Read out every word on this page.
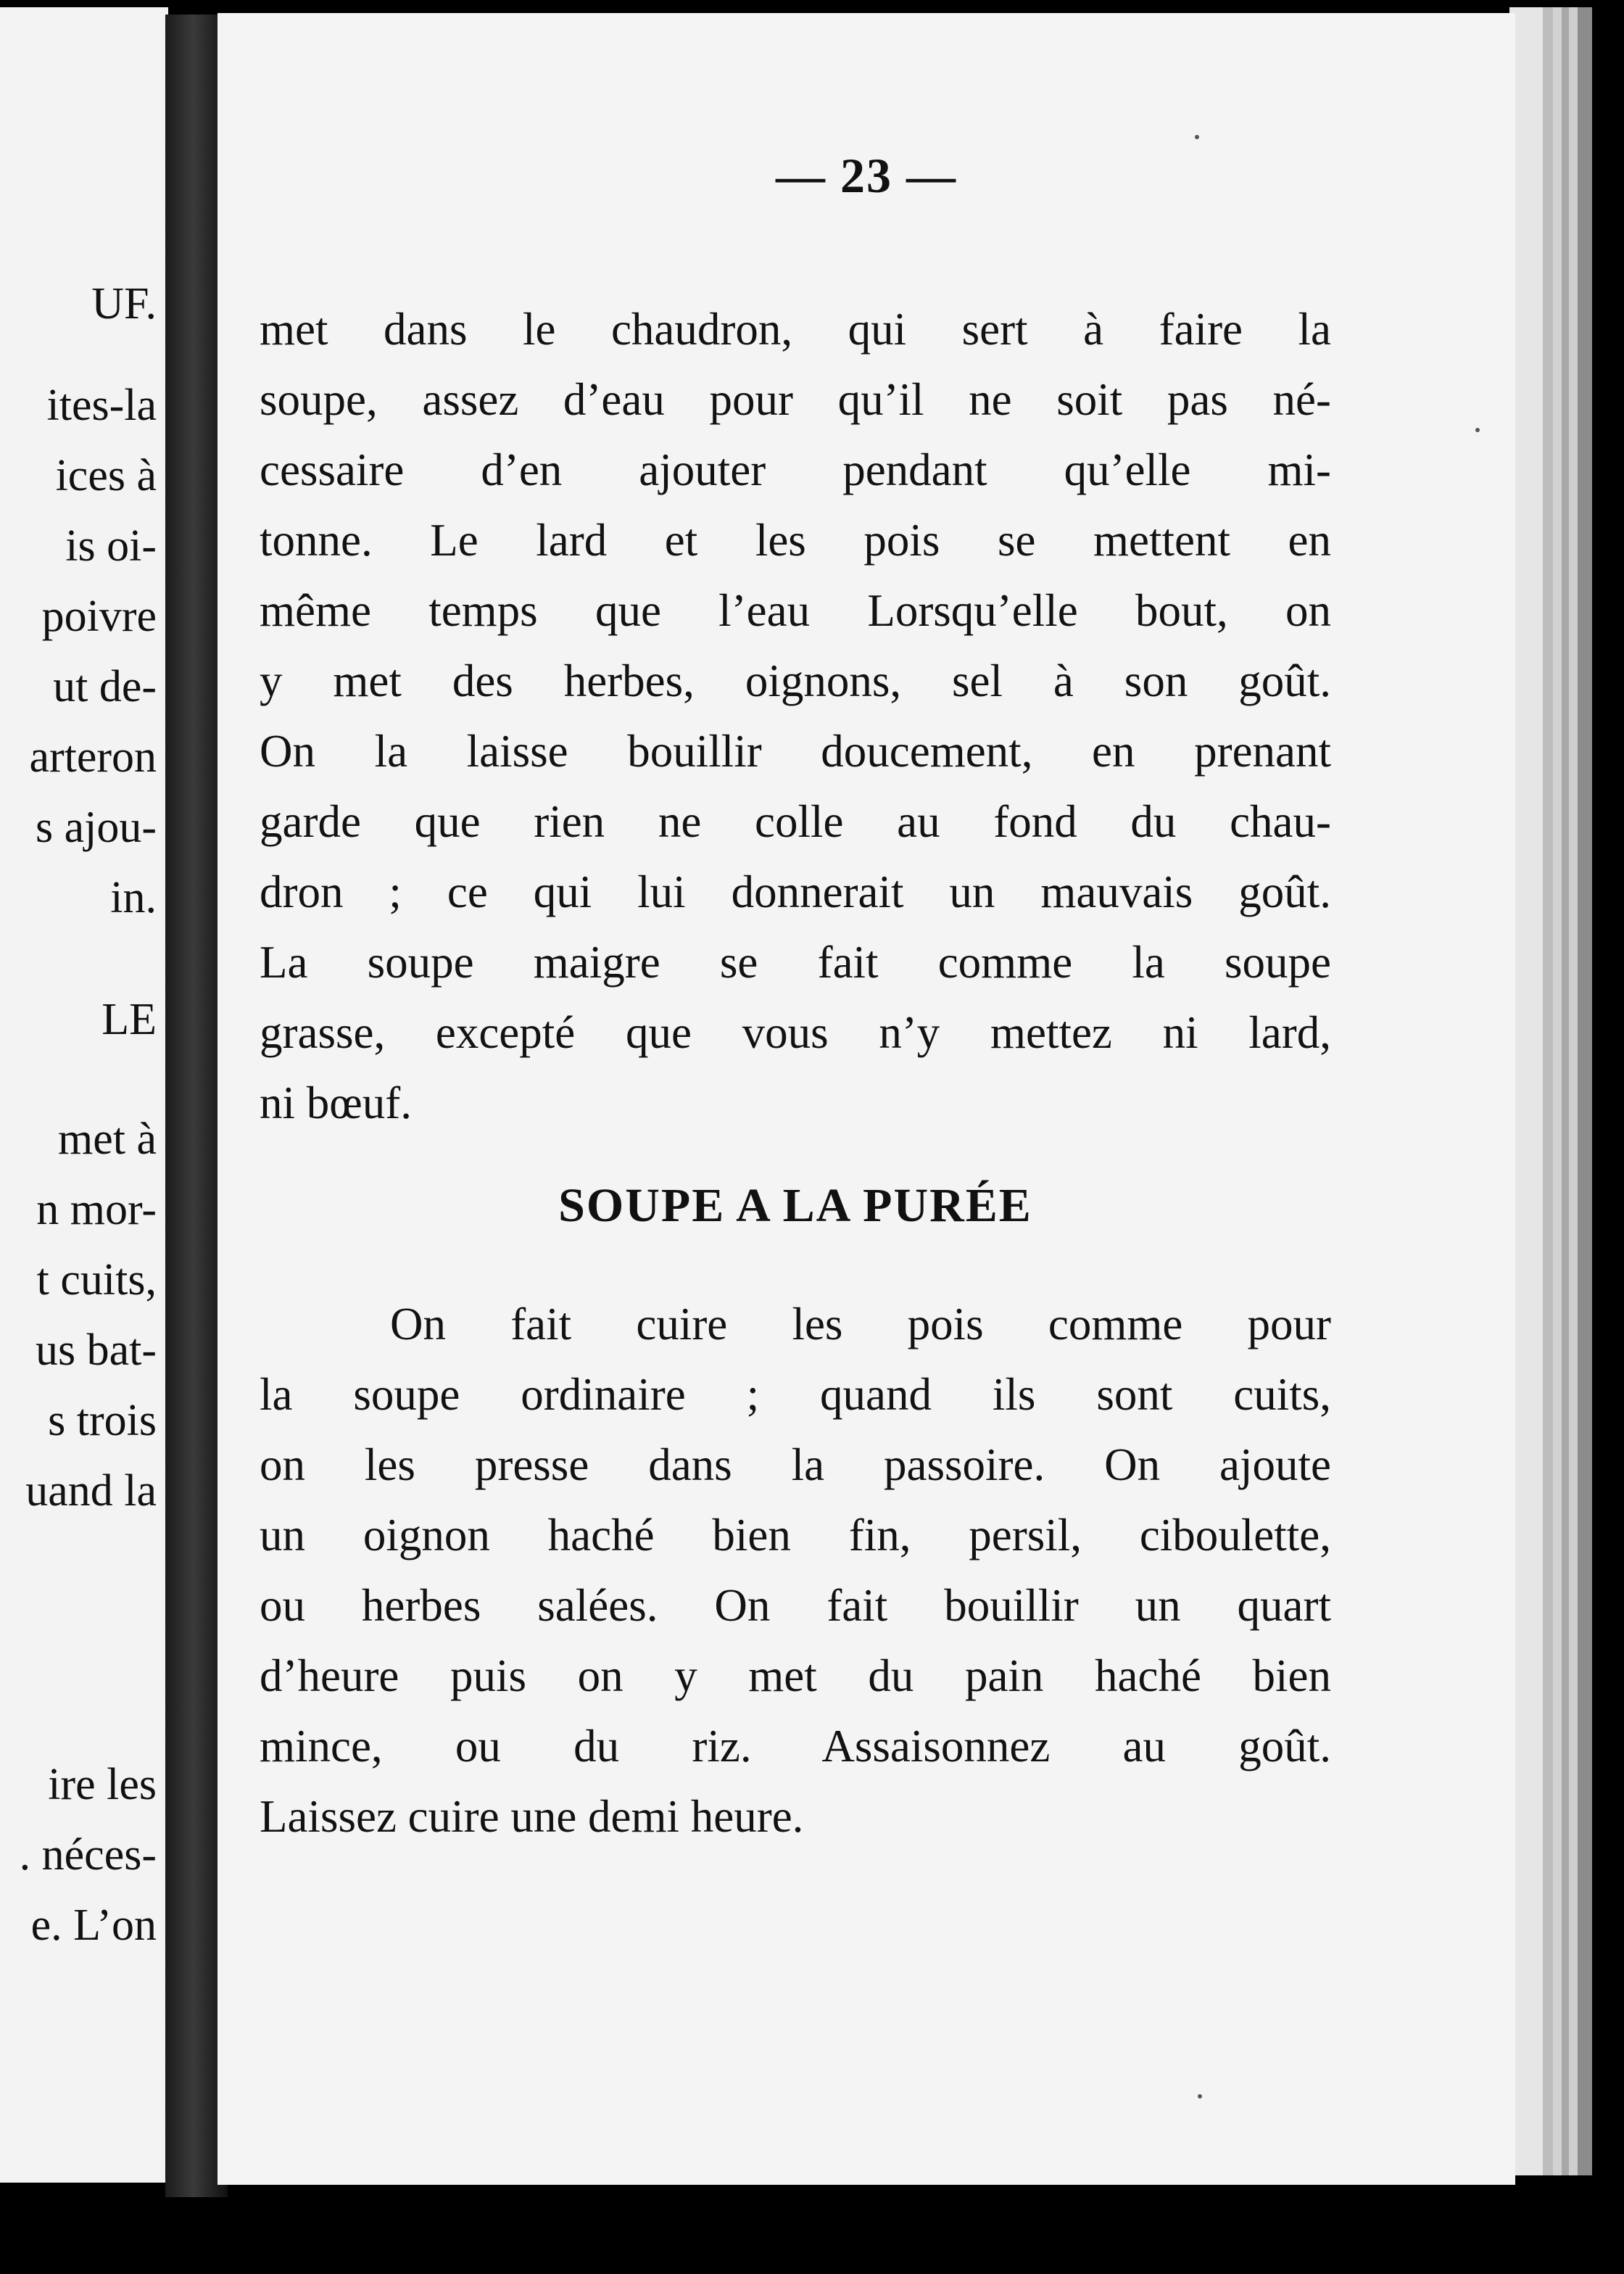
UF.

ites-la

ices à

is oi-

poivre

ut de-

arteron

s ajou-

in.

LE

met à

n mor-

t cuits,

us bat-

s trois

uand la

ire les

. néces-

e. L’on

— 23 —

met dans le chaudron, qui sert à faire la
soupe, assez d’eau pour qu’il ne soit pas né-
cessaire d’en ajouter pendant qu’elle mi-
tonne. Le lard et les pois se mettent en
même temps que l’eau Lorsqu’elle bout, on
y met des herbes, oignons, sel à son goût.
On la laisse bouillir doucement, en prenant
garde que rien ne colle au fond du chau-
dron ; ce qui lui donnerait un mauvais goût.
La soupe maigre se fait comme la soupe
grasse, excepté que vous n’y mettez ni lard,
ni bœuf.
SOUPE A LA PURÉE
On fait cuire les pois comme pour
la soupe ordinaire ; quand ils sont cuits,
on les presse dans la passoire. On ajoute
un oignon haché bien fin, persil, ciboulette,
ou herbes salées. On fait bouillir un quart
d’heure puis on y met du pain haché bien
mince, ou du riz. Assaisonnez au goût.
Laissez cuire une demi heure.
